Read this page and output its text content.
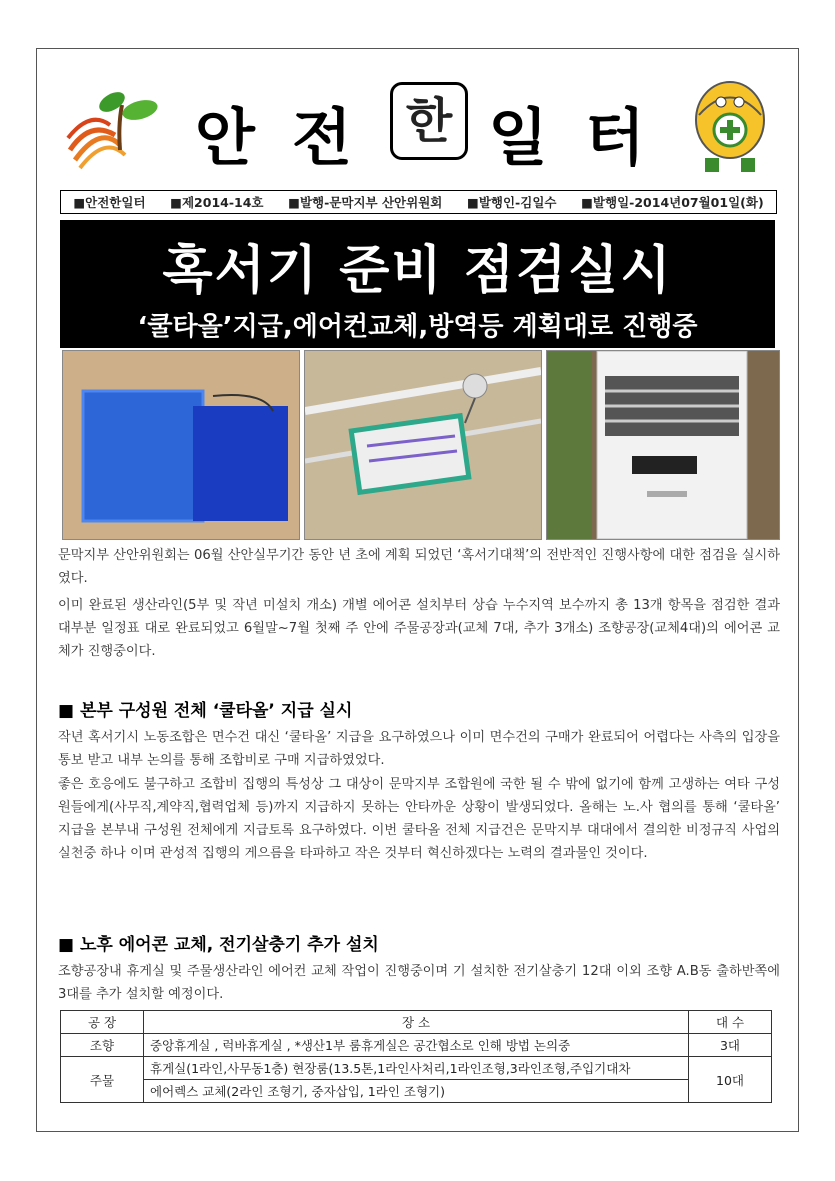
안 전	한 일 터
■안전한일터 ■제2014-14호 ■발행-문막지부 산안위원회 ■발행인-김일수 ■발행일-2014년07월01일(화)
혹서기 준비 점검실시
‘쿨타올’지급,에어컨교체,방역등 계획대로 진행중
문막지부 산안위원회는 06월 산안실무기간 동안 년 초에 계획 되었던 ‘혹서기대책’의 전반적인 진행사항에 대한 점검을 실시하였다.
이미 완료된 생산라인(5부 및 작년 미설치 개소) 개별 에어콘 설치부터 상습 누수지역 보수까지 총 13개 항목을 점검한 결과 대부분 일정표 대로 완료되었고 6월말~7월 첫째 주 안에 주물공장과(교체 7대, 추가 3개소) 조향공장(교체4대)의 에어콘 교체가 진행중이다.
■ 본부 구성원 전체 ‘쿨타올’ 지급 실시
작년 혹서기시 노동조합은 면수건 대신 ‘쿨타올’ 지급을 요구하였으나 이미 면수건의 구매가 완료되어 어렵다는 사측의 입장을 통보 받고 내부 논의를 통해 조합비로 구매 지급하였었다.
좋은 호응에도 불구하고 조합비 집행의 특성상 그 대상이 문막지부 조합원에 국한 될 수 밖에 없기에 함께 고생하는 여타 구성원들에게(사무직,계약직,협력업체 등)까지 지급하지 못하는 안타까운 상황이 발생되었다. 올해는 노.사 협의를 통해 ‘쿨타올’ 지급을 본부내 구성원 전체에게 지급토록 요구하였다. 이번 쿨타올 전체 지급건은 문막지부 대대에서 결의한 비정규직 사업의 실천중 하나 이며 관성적 집행의 게으름을 타파하고 작은 것부터 혁신하겠다는 노력의 결과물인 것이다.
■ 노후 에어콘 교체, 전기살충기 추가 설치
조향공장내 휴게실 및 주물생산라인 에어컨 교체 작업이 진행중이며 기 설치한 전기살충기 12대 이외 조향 A.B동 출하반쪽에 3대를 추가 설치할 예정이다.
공 장	장 소	대 수
조향	중앙휴게실 , 럭바휴게실 , *생산1부 룸휴게실은 공간협소로 인해 방법 논의중	3대
주물	휴게실(1라인,사무동1층) 현장룸(13.5톤,1라인사처리,1라인조형,3라인조형,주입기대차	10대
	에어렉스 교체(2라인 조형기, 중자삽입, 1라인 조형기)	
